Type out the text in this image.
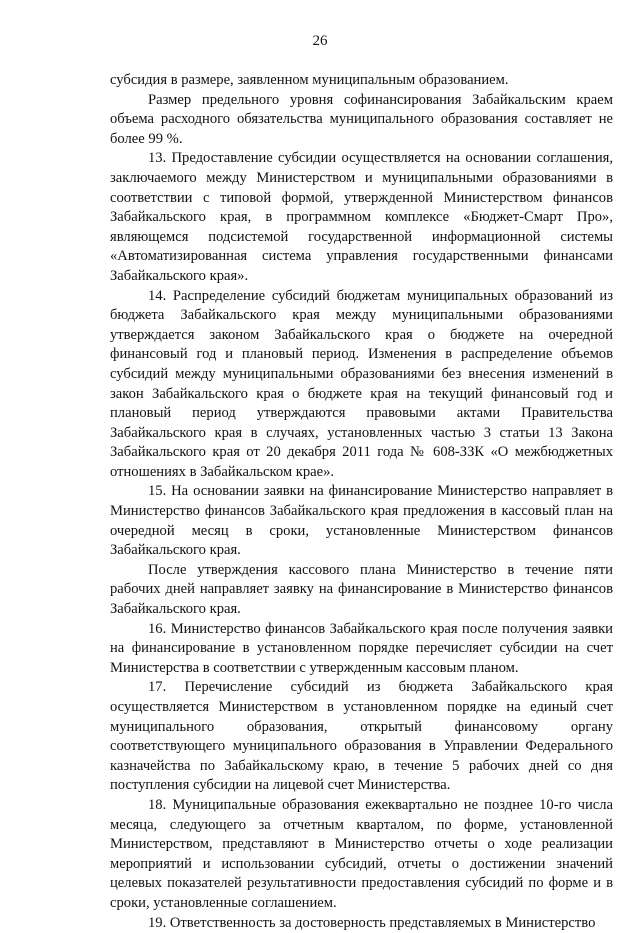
26

субсидия в размере, заявленном муниципальным образованием.

Размер предельного уровня софинансирования Забайкальским краем объема расходного обязательства муниципального образования составляет не более 99 %.

13. Предоставление субсидии осуществляется на основании соглашения, заключаемого между Министерством и муниципальными образованиями в соответствии с типовой формой, утвержденной Министерством финансов Забайкальского края, в программном комплексе «Бюджет-Смарт Про», являющемся подсистемой государственной информационной системы «Автоматизированная система управления государственными финансами Забайкальского края».

14. Распределение субсидий бюджетам муниципальных образований из бюджета Забайкальского края между муниципальными образованиями утверждается законом Забайкальского края о бюджете на очередной финансовый год и плановый период. Изменения в распределение объемов субсидий между муниципальными образованиями без внесения изменений в закон Забайкальского края о бюджете края на текущий финансовый год и плановый период утверждаются правовыми актами Правительства Забайкальского края в случаях, установленных частью 3 статьи 13 Закона Забайкальского края от 20 декабря 2011 года № 608-ЗЗК «О межбюджетных отношениях в Забайкальском крае».

15. На основании заявки на финансирование Министерство направляет в Министерство финансов Забайкальского края предложения в кассовый план на очередной месяц в сроки, установленные Министерством финансов Забайкальского края.

После утверждения кассового плана Министерство в течение пяти рабочих дней направляет заявку на финансирование в Министерство финансов Забайкальского края.

16. Министерство финансов Забайкальского края после получения заявки на финансирование в установленном порядке перечисляет субсидии на счет Министерства в соответствии с утвержденным кассовым планом.

17. Перечисление субсидий из бюджета Забайкальского края осуществляется Министерством в установленном порядке на единый счет муниципального образования, открытый финансовому органу соответствующего муниципального образования в Управлении Федерального казначейства по Забайкальскому краю, в течение 5 рабочих дней со дня поступления субсидии на лицевой счет Министерства.

18. Муниципальные образования ежеквартально не позднее 10-го числа месяца, следующего за отчетным кварталом, по форме, установленной Министерством, представляют в Министерство отчеты о ходе реализации мероприятий и использовании субсидий, отчеты о достижении значений целевых показателей результативности предоставления субсидий по форме и в сроки, установленные соглашением.

19. Ответственность за достоверность представляемых в Министерство
